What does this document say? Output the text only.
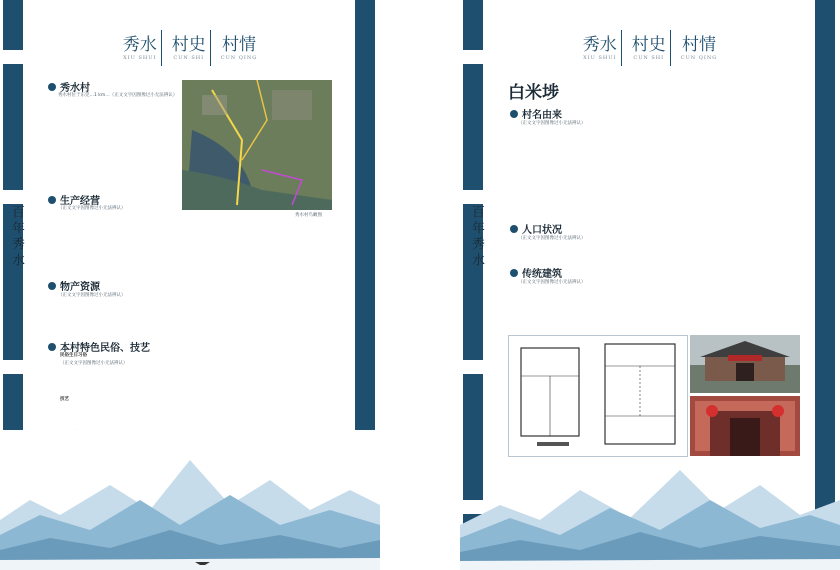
百年秀水
秀水
XIU SHUI
村史
CUN SHI
村情
CUN QING
秀水村
秀水村位于东莞…1 km…（正文文字因图像过小无法辨认）
秀水村鸟瞰图
生产经营
（正文文字因图像过小无法辨认）
物产资源
（正文文字因图像过小无法辨认）
本村特色民俗、技艺
民俗生日习俗
（正文文字因图像过小无法辨认）
技艺
百年秀水
秀水
XIU SHUI
村史
CUN SHI
村情
CUN QING
白米埗
村名由来
（正文文字因图像过小无法辨认）
人口状况
（正文文字因图像过小无法辨认）
传统建筑
（正文文字因图像过小无法辨认）
